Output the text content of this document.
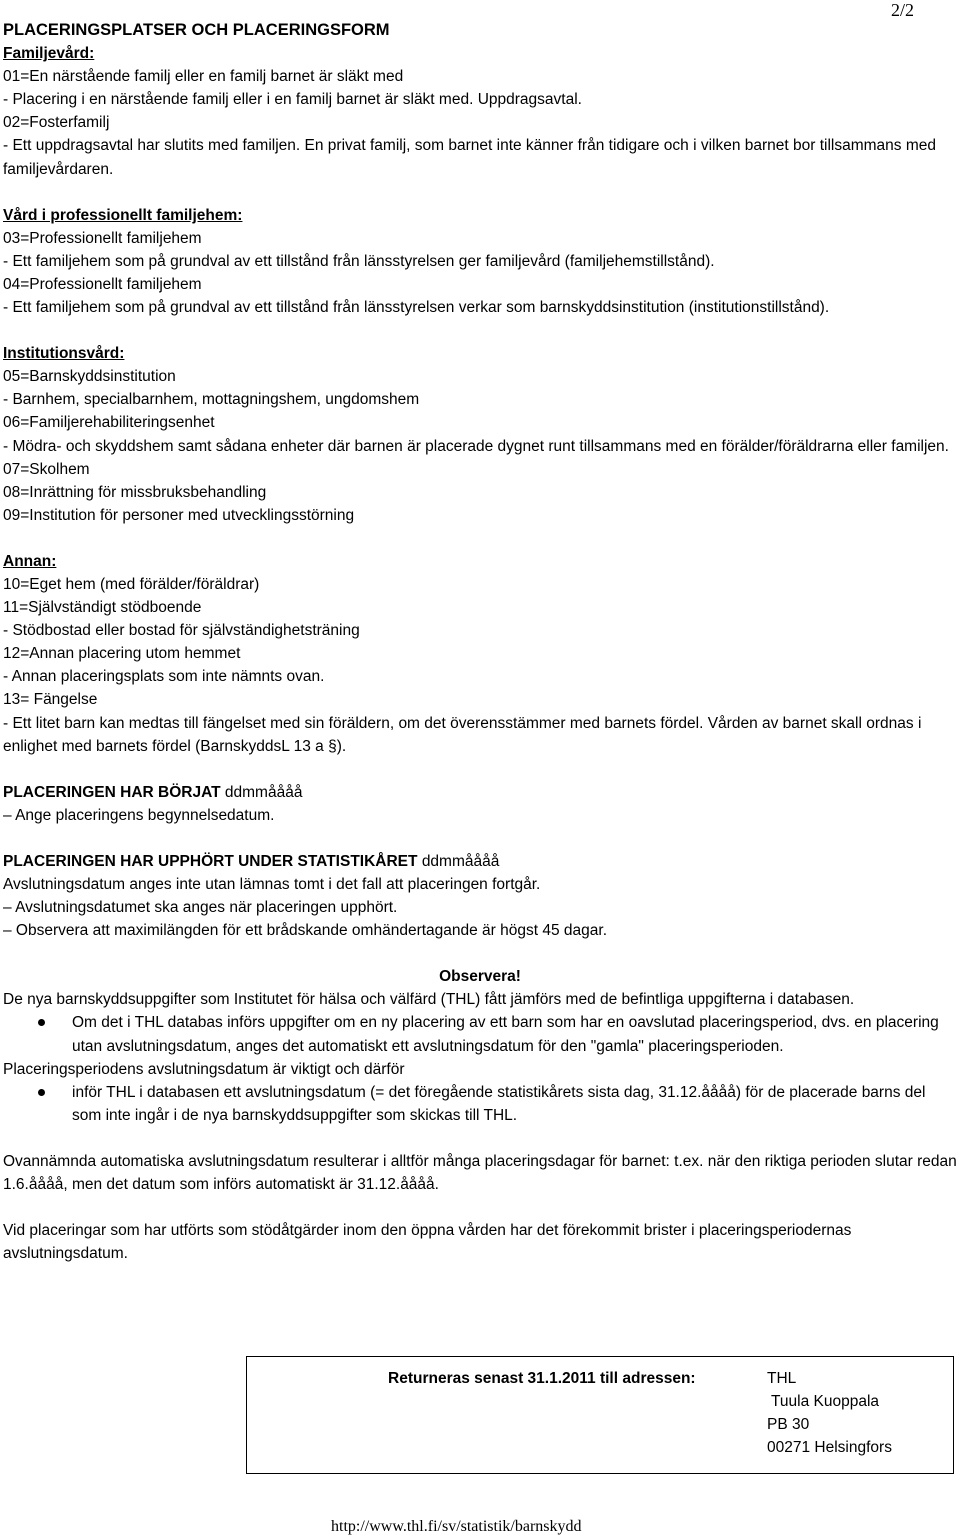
2/2
PLACERINGSPLATSER OCH PLACERINGSFORM
Familjevård:
01=En närstående familj eller en familj barnet är släkt med
- Placering i en närstående familj eller i en familj barnet är släkt med. Uppdragsavtal.
02=Fosterfamilj
- Ett uppdragsavtal har slutits med familjen. En privat familj, som barnet inte känner från tidigare och i vilken barnet bor tillsammans med familjevårdaren.
Vård i professionellt familjehem:
03=Professionellt familjehem
- Ett familjehem som på grundval av ett tillstånd från länsstyrelsen ger familjevård (familjehemstillstånd).
04=Professionellt familjehem
- Ett familjehem som på grundval av ett tillstånd från länsstyrelsen verkar som barnskyddsinstitution (institutionstillstånd).
Institutionsvård:
05=Barnskyddsinstitution
- Barnhem, specialbarnhem, mottagningshem, ungdomshem
06=Familjerehabiliteringsenhet
- Mödra- och skyddshem samt sådana enheter där barnen är placerade dygnet runt tillsammans med en förälder/föräldrarna eller familjen.
07=Skolhem
08=Inrättning för missbruksbehandling
09=Institution för personer med utvecklingsstörning
Annan:
10=Eget hem (med förälder/föräldrar)
11=Självständigt stödboende
- Stödbostad eller bostad för självständighetsträning
12=Annan placering utom hemmet
- Annan placeringsplats som inte nämnts ovan.
13= Fängelse
- Ett litet barn kan medtas till fängelset med sin föräldern, om det överensstämmer med barnets fördel. Vården av barnet skall ordnas i enlighet med barnets fördel (BarnskyddsL 13 a §).
PLACERINGEN HAR BÖRJAT ddmmåååå
– Ange placeringens begynnelsedatum.
PLACERINGEN HAR UPPHÖRT UNDER STATISTIKÅRET ddmmåååå
Avslutningsdatum anges inte utan lämnas tomt i det fall att placeringen fortgår.
– Avslutningsdatumet ska anges när placeringen upphört.
– Observera att maximilängden för ett brådskande omhändertagande är högst 45 dagar.
Observera!
De nya barnskyddsuppgifter som Institutet för hälsa och välfärd (THL) fått jämförs med de befintliga uppgifterna i databasen.
Om det i THL databas införs uppgifter om en ny placering av ett barn som har en oavslutad placeringsperiod, dvs. en placering utan avslutningsdatum, anges det automatiskt ett avslutningsdatum för den "gamla" placeringsperioden.
Placeringsperiodens avslutningsdatum är viktigt och därför
inför THL i databasen ett avslutningsdatum (= det föregående statistikårets sista dag, 31.12.åååå) för de placerade barns del som inte ingår i de nya barnskyddsuppgifter som skickas till THL.
Ovannämnda automatiska avslutningsdatum resulterar i alltför många placeringsdagar för barnet: t.ex. när den riktiga perioden slutar redan 1.6.åååå, men det datum som införs automatiskt är 31.12.åååå.
Vid placeringar som har utförts som stödåtgärder inom den öppna vården har det förekommit brister i placeringsperiodernas avslutningsdatum.
Returneras senast 31.1.2011 till adressen:	THL
Tuula Kuoppala
PB 30
00271 Helsingfors
http://www.thl.fi/sv/statistik/barnskydd
